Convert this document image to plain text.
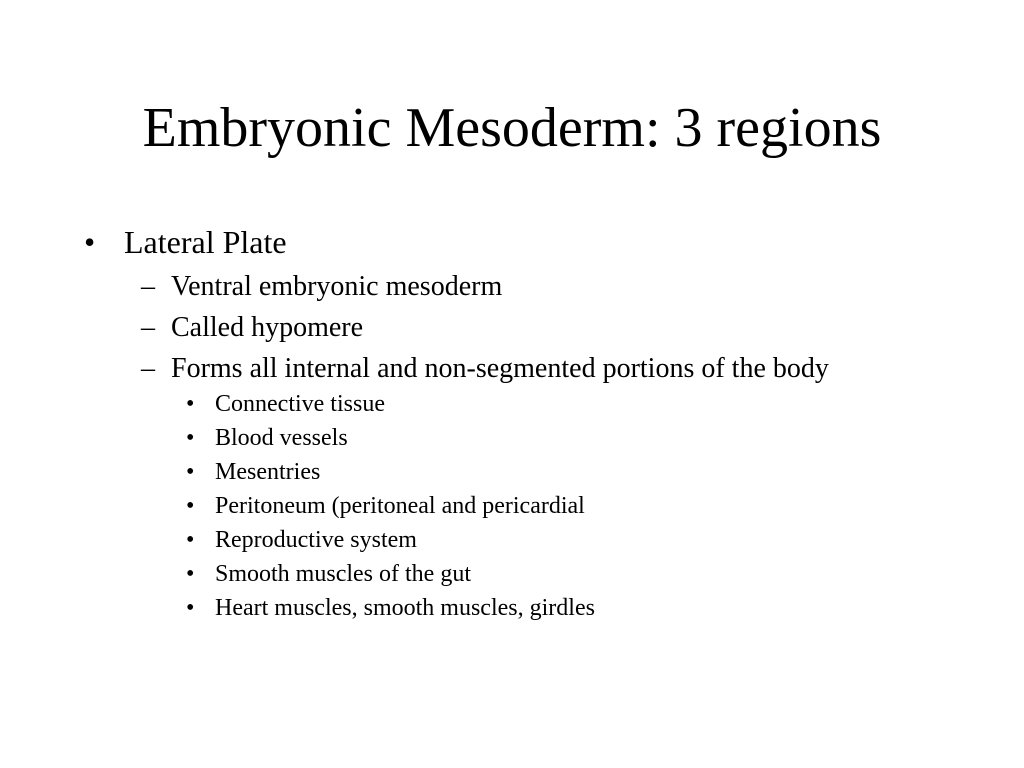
Embryonic Mesoderm: 3 regions
• Lateral Plate
– Ventral embryonic mesoderm
– Called hypomere
– Forms all internal and non-segmented portions of the body
• Connective tissue
• Blood vessels
• Mesentries
• Peritoneum (peritoneal and pericardial
• Reproductive system
• Smooth muscles of the gut
• Heart muscles, smooth muscles, girdles
